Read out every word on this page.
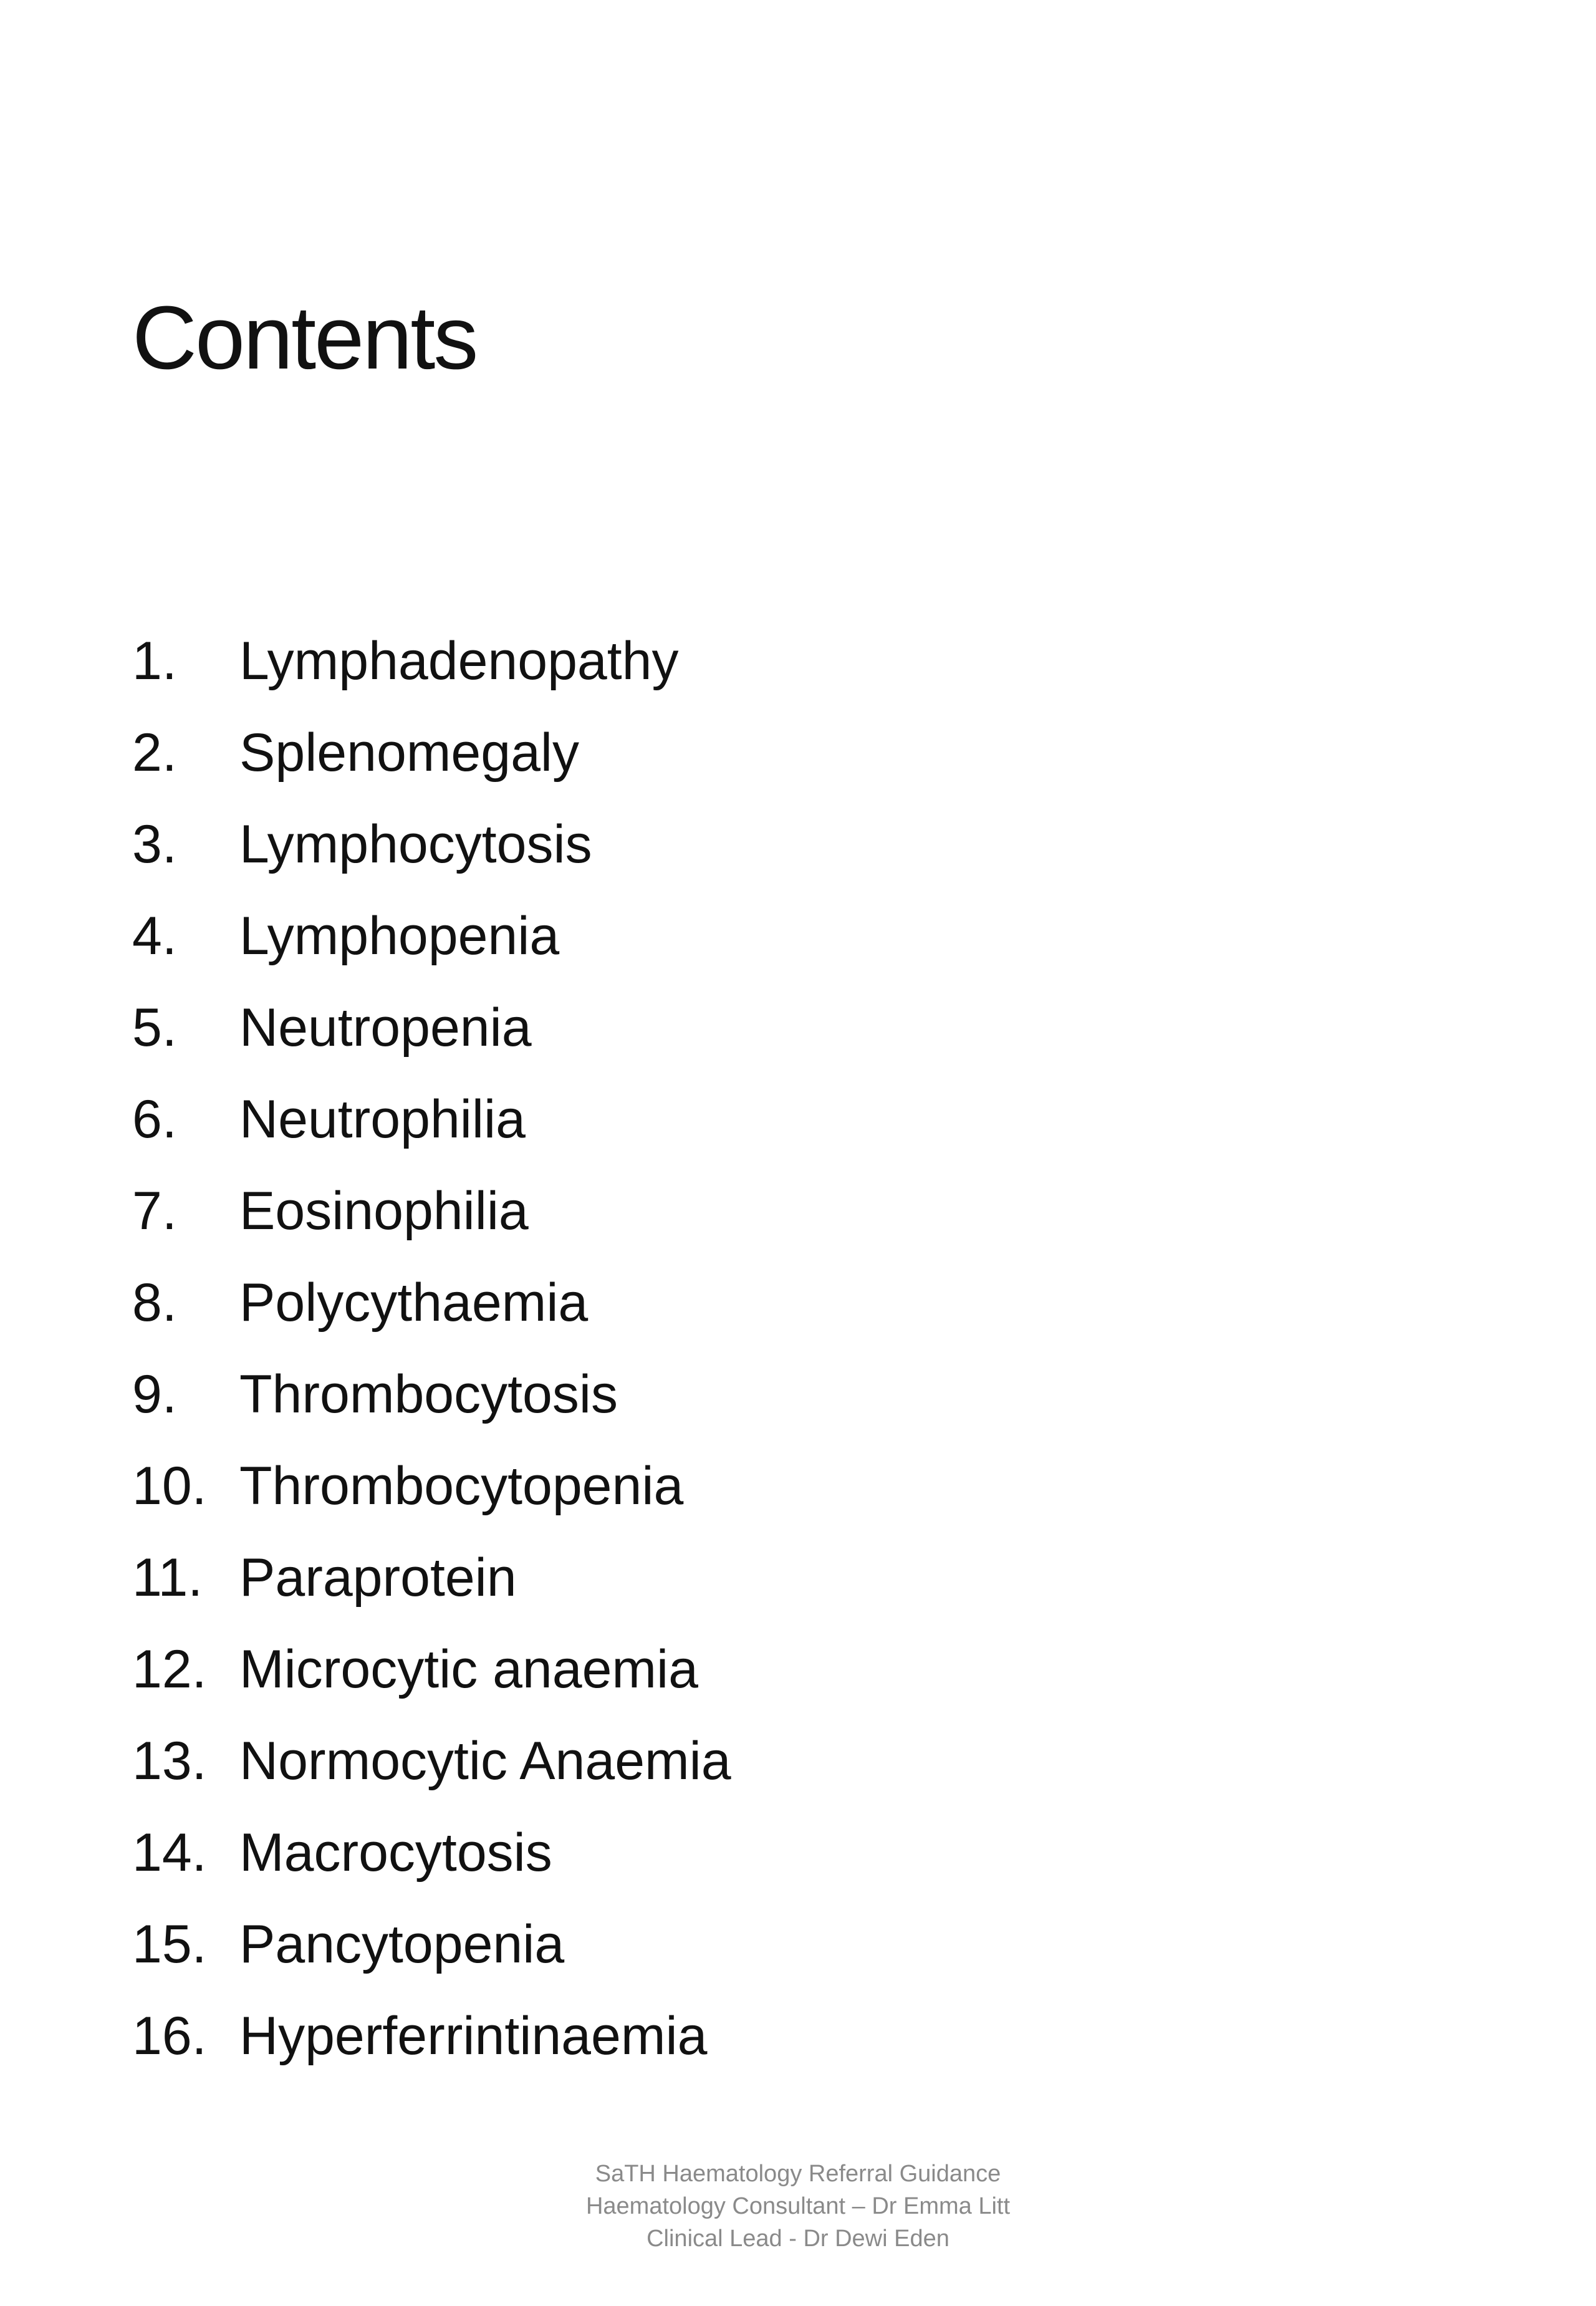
Contents
1.	Lymphadenopathy
2.	Splenomegaly
3.	Lymphocytosis
4.	Lymphopenia
5.	Neutropenia
6.	Neutrophilia
7.	Eosinophilia
8.	Polycythaemia
9.	Thrombocytosis
10. Thrombocytopenia
11. Paraprotein
12. Microcytic anaemia
13. Normocytic Anaemia
14. Macrocytosis
15. Pancytopenia
16. Hyperferrintinaemia
SaTH Haematology Referral Guidance
Haematology Consultant – Dr Emma Litt
Clinical Lead - Dr Dewi Eden
